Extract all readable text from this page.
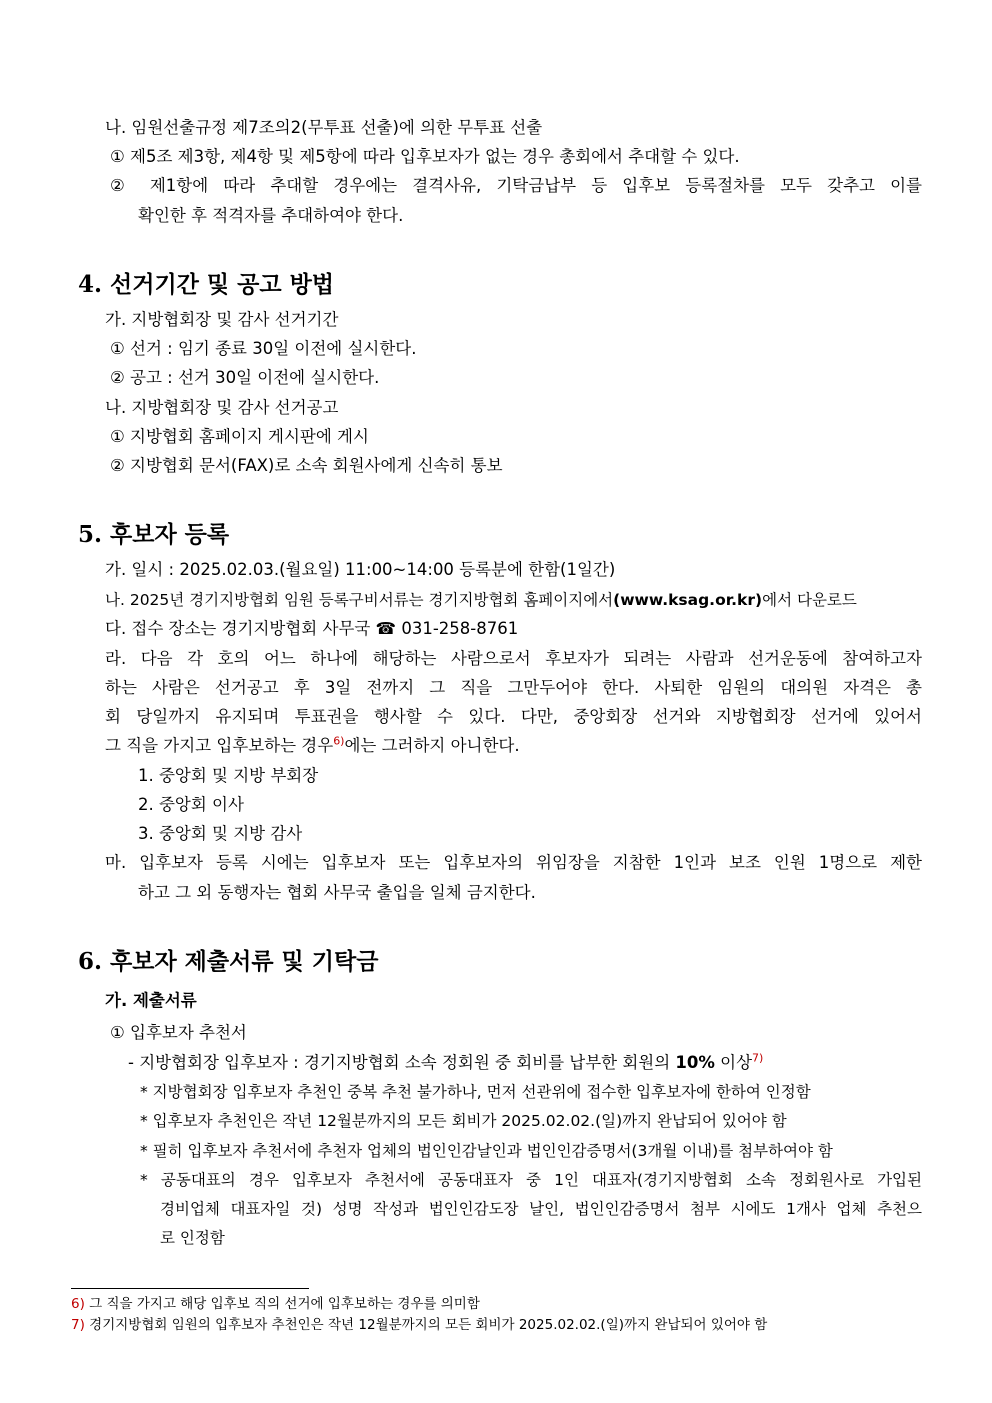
나. 임원선출규정 제7조의2(무투표 선출)에 의한 무투표 선출
① 제5조 제3항, 제4항 및 제5항에 따라 입후보자가 없는 경우 총회에서 추대할 수 있다.
② 제1항에 따라 추대할 경우에는 결격사유, 기탁금납부 등 입후보 등록절차를 모두 갖추고 이를
확인한 후 적격자를 추대하여야 한다.
4. 선거기간 및 공고 방법
가. 지방협회장 및 감사 선거기간
① 선거 : 임기 종료 30일 이전에 실시한다.
② 공고 : 선거 30일 이전에 실시한다.
나. 지방협회장 및 감사 선거공고
① 지방협회 홈페이지 게시판에 게시
② 지방협회 문서(FAX)로 소속 회원사에게 신속히 통보
5. 후보자 등록
가. 일시 : 2025.02.03.(월요일) 11:00~14:00 등록분에 한함(1일간)
나. 2025년 경기지방협회 임원 등록구비서류는 경기지방협회 홈페이지에서(www.ksag.or.kr)에서 다운로드
다. 접수 장소는 경기지방협회 사무국 ☎ 031-258-8761
라. 다음 각 호의 어느 하나에 해당하는 사람으로서 후보자가 되려는 사람과 선거운동에 참여하고자
하는 사람은 선거공고 후 3일 전까지 그 직을 그만두어야 한다. 사퇴한 임원의 대의원 자격은 총
회 당일까지 유지되며 투표권을 행사할 수 있다. 다만, 중앙회장 선거와 지방협회장 선거에 있어서
그 직을 가지고 입후보하는 경우$^{6)}$에는 그러하지 아니한다.
1. 중앙회 및 지방 부회장
2. 중앙회 이사
3. 중앙회 및 지방 감사
마. 입후보자 등록 시에는 입후보자 또는 입후보자의 위임장을 지참한 1인과 보조 인원 1명으로 제한
하고 그 외 동행자는 협회 사무국 출입을 일체 금지한다.
6. 후보자 제출서류 및 기탁금
가. 제출서류
① 입후보자 추천서
- 지방협회장 입후보자 : 경기지방협회 소속 정회원 중 회비를 납부한 회원의 10% 이상$^{7)}$
* 지방협회장 입후보자 추천인 중복 추천 불가하나, 먼저 선관위에 접수한 입후보자에 한하여 인정함
* 입후보자 추천인은 작년 12월분까지의 모든 회비가 2025.02.02.(일)까지 완납되어 있어야 함
* 필히 입후보자 추천서에 추천자 업체의 법인인감날인과 법인인감증명서(3개월 이내)를 첨부하여야 함
* 공동대표의 경우 입후보자 추천서에 공동대표자 중 1인 대표자(경기지방협회 소속 정회원사로 가입된
경비업체 대표자일 것) 성명 작성과 법인인감도장 날인, 법인인감증명서 첨부 시에도 1개사 업체 추천으
로 인정함
6) 그 직을 가지고 해당 입후보 직의 선거에 입후보하는 경우를 의미함
7) 경기지방협회 임원의 입후보자 추천인은 작년 12월분까지의 모든 회비가 2025.02.02.(일)까지 완납되어 있어야 함
